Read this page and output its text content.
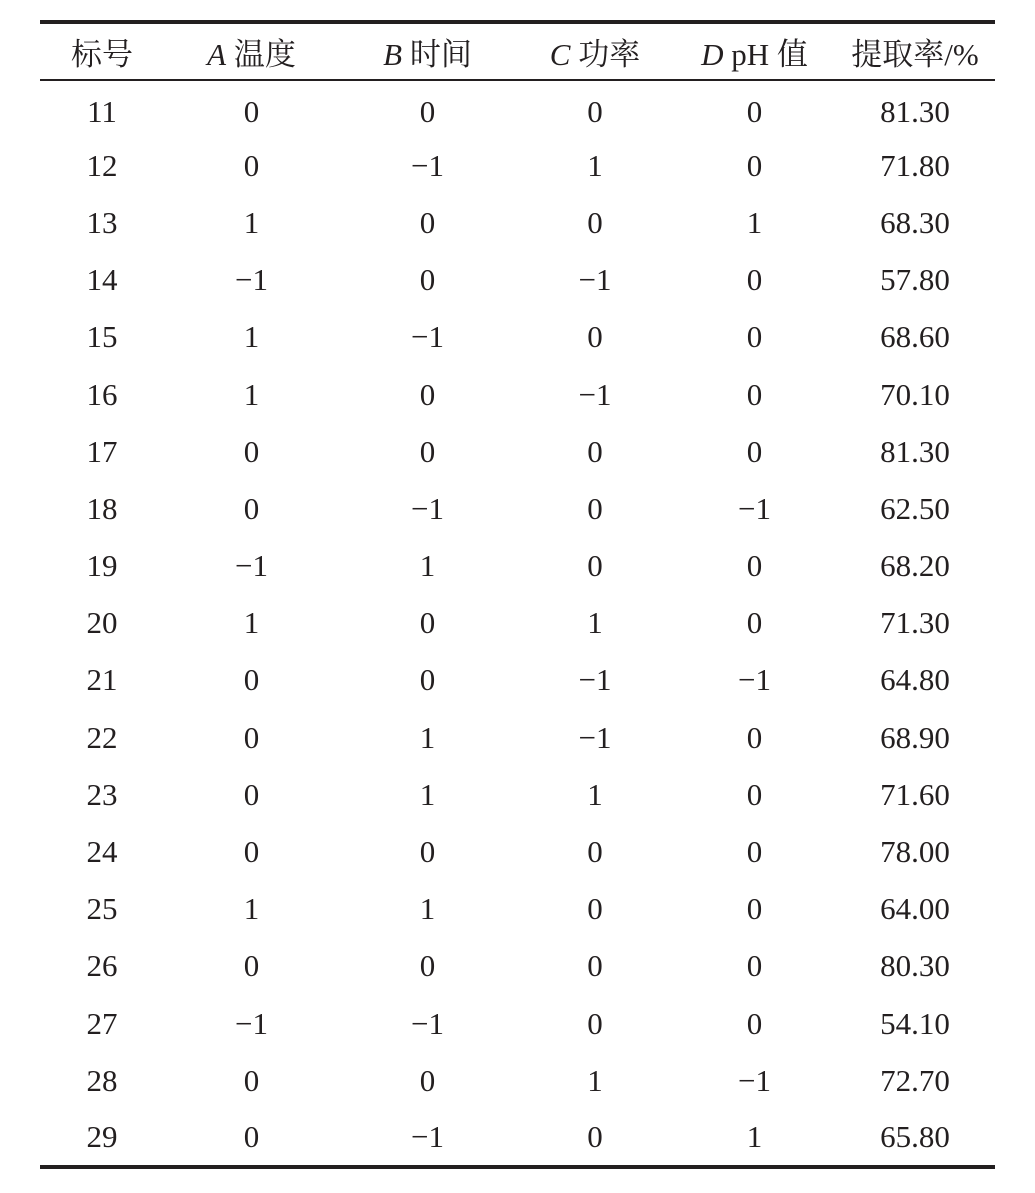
标号	A 温度	B 时间	C 功率	D pH 值	提取率/%
11	0	0	0	0	81.30
12	0	−1	1	0	71.80
13	1	0	0	1	68.30
14	−1	0	−1	0	57.80
15	1	−1	0	0	68.60
16	1	0	−1	0	70.10
17	0	0	0	0	81.30
18	0	−1	0	−1	62.50
19	−1	1	0	0	68.20
20	1	0	1	0	71.30
21	0	0	−1	−1	64.80
22	0	1	−1	0	68.90
23	0	1	1	0	71.60
24	0	0	0	0	78.00
25	1	1	0	0	64.00
26	0	0	0	0	80.30
27	−1	−1	0	0	54.10
28	0	0	1	−1	72.70
29	0	−1	0	1	65.80
